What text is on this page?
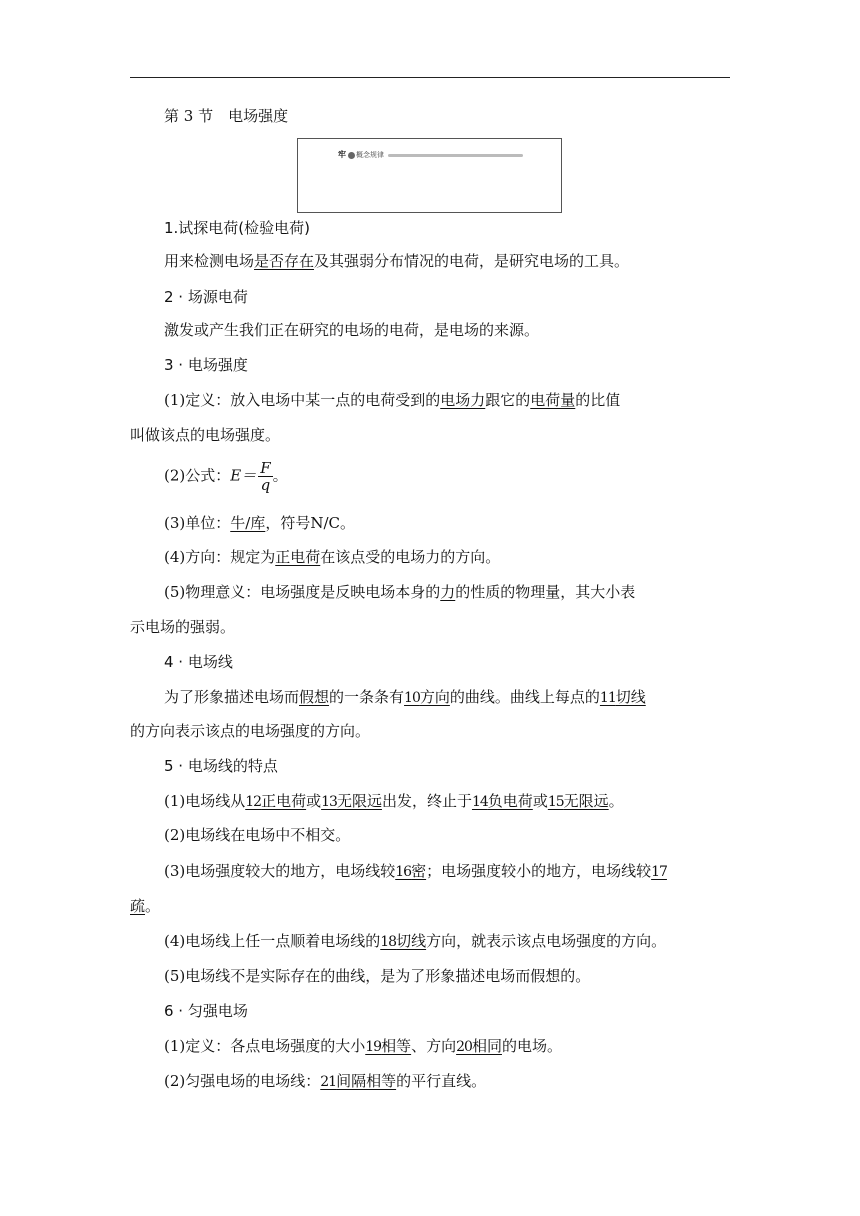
第 3 节　电场强度
牢 概念规律
1.试探电荷(检验电荷)
用来检测电场是否存在及其强弱分布情况的电荷，是研究电场的工具。
2 · 场源电荷
激发或产生我们正在研究的电场的电荷，是电场的来源。
3 · 电场强度
(1)定义：放入电场中某一点的电荷受到的电场力跟它的电荷量的比值
叫做该点的电场强度。
(2)公式：$E= \frac{F}{q}$ 。
(3)单位：牛/库，符号N/C。
(4)方向：规定为正电荷在该点受的电场力的方向。
(5)物理意义：电场强度是反映电场本身的力的性质的物理量，其大小表
示电场的强弱。
4 · 电场线
为了形象描述电场而假想的一条条有10方向的曲线。曲线上每点的11切线
的方向表示该点的电场强度的方向。
5 · 电场线的特点
(1)电场线从12正电荷或13无限远出发，终止于14负电荷或15无限远。
(2)电场线在电场中不相交。
(3)电场强度较大的地方，电场线较16密；电场强度较小的地方，电场线较17
疏。
(4)电场线上任一点顺着电场线的18切线方向，就表示该点电场强度的方向。
(5)电场线不是实际存在的曲线，是为了形象描述电场而假想的。
6 · 匀强电场
(1)定义：各点电场强度的大小19相等、方向20相同的电场。
(2)匀强电场的电场线：21间隔相等的平行直线。
